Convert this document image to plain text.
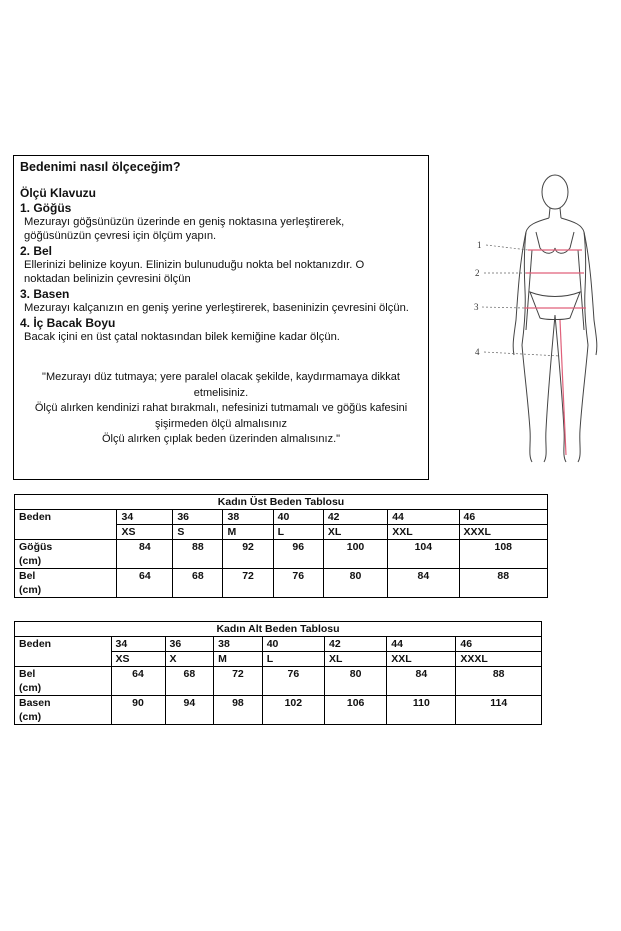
Bedenimi nasıl ölçeceğim?
Ölçü Klavuzu
1. Göğüs
Mezurayı göğsünüzün üzerinde en geniş noktasına yerleştirerek,
göğüsünüzün çevresi için ölçüm yapın.
2. Bel
Ellerinizi belinize koyun. Elinizin bulunuduğu nokta bel noktanızdır. O
noktadan belinizin çevresini ölçün
3. Basen
Mezurayı kalçanızın en geniş yerine yerleştirerek, baseninizin çevresini ölçün.
4. İç Bacak Boyu
Bacak içini en üst çatal noktasından bilek kemiğine kadar ölçün.
"Mezurayı düz tutmaya; yere paralel olacak şekilde, kaydırmamaya dikkat
etmelisiniz.
Ölçü alırken kendinizi rahat bırakmalı, nefesinizi tutmamalı ve göğüs kafesini
şişirmeden ölçü almalısınız
Ölçü alırken çıplak beden üzerinden almalısınız."
1
2
3
4
Kadın Üst Beden Tablosu							
Beden	34	36	38	40	42	44	46
	XS	S	M	L	XL	XXL	XXXL

Göğüs
(cm)	84	88	92	96	100	104	108

Bel
(cm)	64	68	72	76	80	84	88
Kadın Alt Beden Tablosu							
Beden	34	36	38	40	42	44	46
	XS	X	M	L	XL	XXL	XXXL

Bel
(cm)	64	68	72	76	80	84	88

Basen
(cm)	90	94	98	102	106	110	114
